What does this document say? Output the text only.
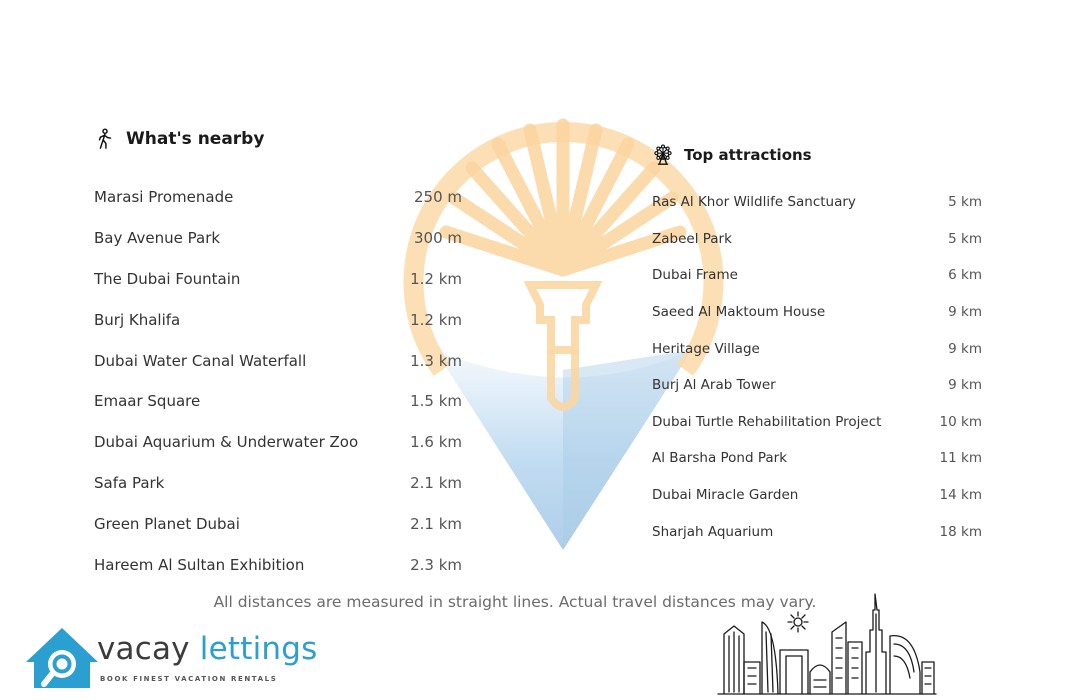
What's nearby
Marasi Promenade	250 m
Bay Avenue Park	300 m
The Dubai Fountain	1.2 km
Burj Khalifa	1.2 km
Dubai Water Canal Waterfall	1.3 km
Emaar Square	1.5 km
Dubai Aquarium & Underwater Zoo	1.6 km
Safa Park	2.1 km
Green Planet Dubai	2.1 km
Hareem Al Sultan Exhibition	2.3 km
Top attractions
Ras Al Khor Wildlife Sanctuary	5 km
Zabeel Park	5 km
Dubai Frame	6 km
Saeed Al Maktoum House	9 km
Heritage Village	9 km
Burj Al Arab Tower	9 km
Dubai Turtle Rehabilitation Project	10 km
Al Barsha Pond Park	11 km
Dubai Miracle Garden	14 km
Sharjah Aquarium	18 km
All distances are measured in straight lines. Actual travel distances may vary.
vacay lettings
BOOK FINEST VACATION RENTALS
